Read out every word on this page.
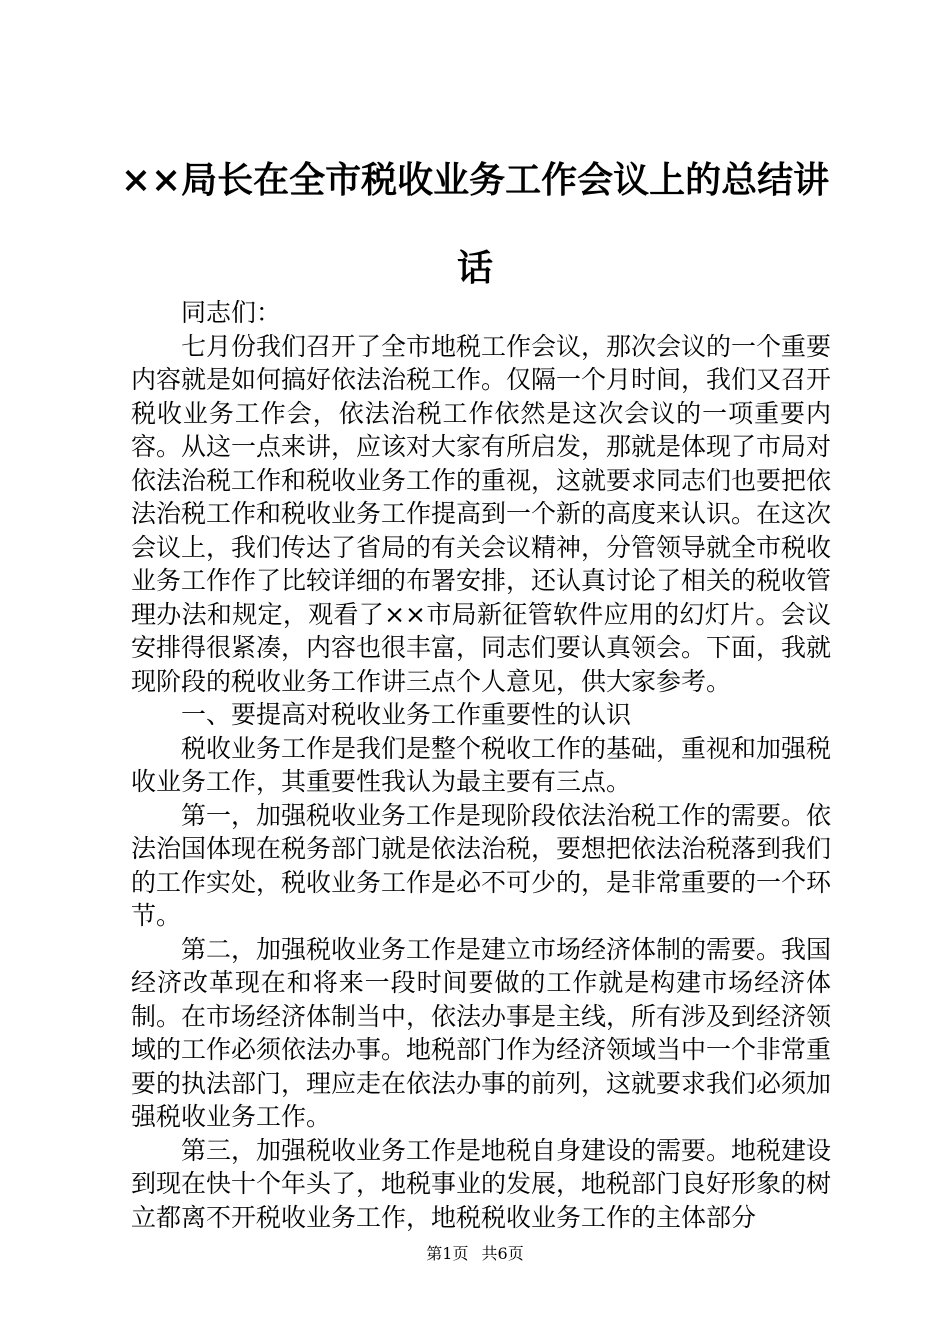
××局长在全市税收业务工作会议上的总结讲
话

同志们：

七月份我们召开了全市地税工作会议，那次会议的一个重要内容就是如何搞好依法治税工作。仅隔一个月时间，我们又召开税收业务工作会，依法治税工作依然是这次会议的一项重要内容。从这一点来讲，应该对大家有所启发，那就是体现了市局对依法治税工作和税收业务工作的重视，这就要求同志们也要把依法治税工作和税收业务工作提高到一个新的高度来认识。在这次会议上，我们传达了省局的有关会议精神，分管领导就全市税收业务工作作了比较详细的布署安排，还认真讨论了相关的税收管理办法和规定，观看了××市局新征管软件应用的幻灯片。会议安排得很紧凑，内容也很丰富，同志们要认真领会。下面，我就现阶段的税收业务工作讲三点个人意见，供大家参考。

一、要提高对税收业务工作重要性的认识

税收业务工作是我们是整个税收工作的基础，重视和加强税收业务工作，其重要性我认为最主要有三点。

第一，加强税收业务工作是现阶段依法治税工作的需要。依法治国体现在税务部门就是依法治税，要想把依法治税落到我们的工作实处，税收业务工作是必不可少的，是非常重要的一个环节。

第二，加强税收业务工作是建立市场经济体制的需要。我国经济改革现在和将来一段时间要做的工作就是构建市场经济体制。在市场经济体制当中，依法办事是主线，所有涉及到经济领域的工作必须依法办事。地税部门作为经济领域当中一个非常重要的执法部门，理应走在依法办事的前列，这就要求我们必须加强税收业务工作。

第三，加强税收业务工作是地税自身建设的需要。地税建设到现在快十个年头了，地税事业的发展，地税部门良好形象的树立都离不开税收业务工作，地税税收业务工作的主体部分

第1页 共6页
